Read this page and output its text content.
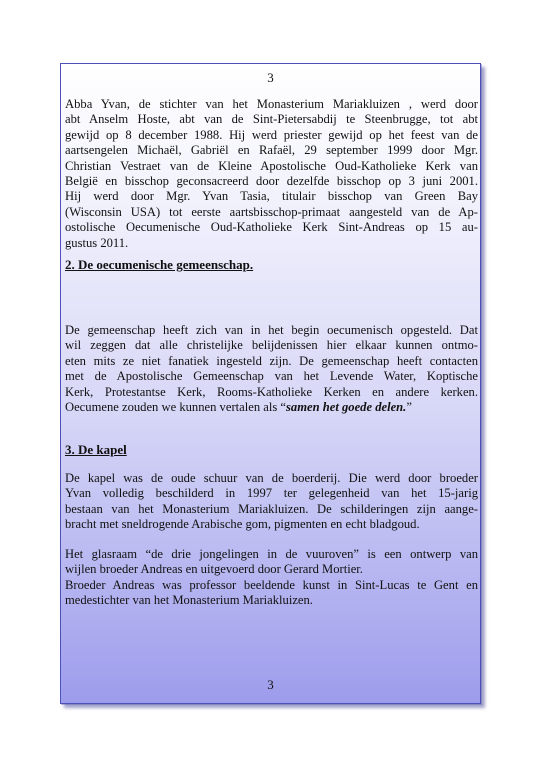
3
Abba Yvan, de stichter van het Monasterium Mariakluizen , werd door
abt Anselm Hoste, abt van de Sint-Pietersabdij te Steenbrugge, tot abt
gewijd op 8 december 1988. Hij werd priester gewijd op het feest van de
aartsengelen Michaël, Gabriël en Rafaël, 29 september 1999 door Mgr.
Christian Vestraet van de Kleine Apostolische Oud-Katholieke Kerk van
België en bisschop geconsacreerd door dezelfde bisschop op 3 juni 2001.
Hij werd door Mgr. Yvan Tasia, titulair bisschop van Green Bay
(Wisconsin USA) tot eerste aartsbisschop-primaat aangesteld van de Ap-
ostolische Oecumenische Oud-Katholieke Kerk Sint-Andreas op 15 au-
gustus 2011.
2. De oecumenische gemeenschap.
De gemeenschap heeft zich van in het begin oecumenisch opgesteld. Dat
wil zeggen dat alle christelijke belijdenissen hier elkaar kunnen ontmo-
eten mits ze niet fanatiek ingesteld zijn. De gemeenschap heeft contacten
met de Apostolische Gemeenschap van het Levende Water, Koptische
Kerk, Protestantse Kerk, Rooms-Katholieke Kerken en andere kerken.
Oecumene zouden we kunnen vertalen als “samen het goede delen.”
3. De kapel
De kapel was de oude schuur van de boerderij. Die werd door broeder
Yvan volledig beschilderd in 1997 ter gelegenheid van het 15-jarig
bestaan van het Monasterium Mariakluizen. De schilderingen zijn aange-
bracht met sneldrogende Arabische gom, pigmenten en echt bladgoud.
Het glasraam “de drie jongelingen in de vuuroven” is een ontwerp van
wijlen broeder Andreas en uitgevoerd door Gerard Mortier.
Broeder Andreas was professor beeldende kunst in Sint-Lucas te Gent en
medestichter van het Monasterium Mariakluizen.
3
